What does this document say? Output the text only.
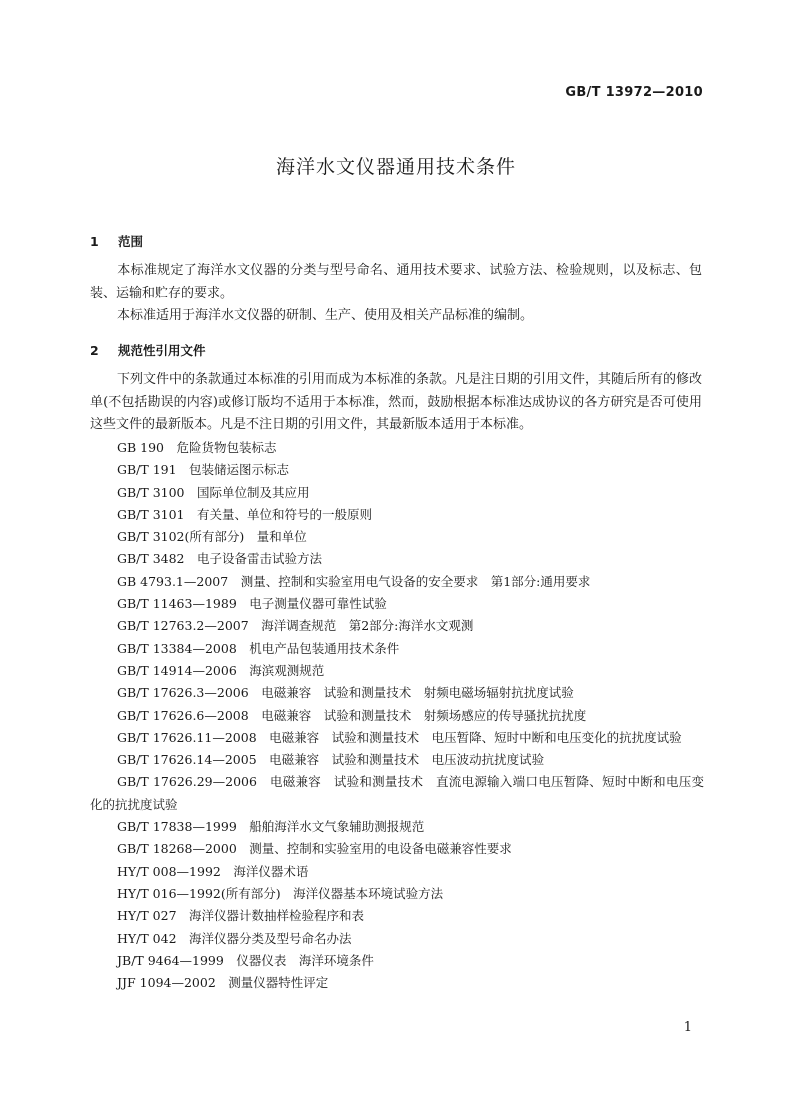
GB/T 13972—2010
海洋水文仪器通用技术条件
1 范围
本标准规定了海洋水文仪器的分类与型号命名、通用技术要求、试验方法、检验规则，以及标志、包装、运输和贮存的要求。
本标准适用于海洋水文仪器的研制、生产、使用及相关产品标准的编制。
2 规范性引用文件
下列文件中的条款通过本标准的引用而成为本标准的条款。凡是注日期的引用文件，其随后所有的修改单(不包括勘误的内容)或修订版均不适用于本标准，然而，鼓励根据本标准达成协议的各方研究是否可使用这些文件的最新版本。凡是不注日期的引用文件，其最新版本适用于本标准。
GB 190　危险货物包装标志
GB/T 191　包装储运图示标志
GB/T 3100　国际单位制及其应用
GB/T 3101　有关量、单位和符号的一般原则
GB/T 3102(所有部分)　量和单位
GB/T 3482　电子设备雷击试验方法
GB 4793.1—2007　测量、控制和实验室用电气设备的安全要求　第1部分:通用要求
GB/T 11463—1989　电子测量仪器可靠性试验
GB/T 12763.2—2007　海洋调查规范　第2部分:海洋水文观测
GB/T 13384—2008　机电产品包装通用技术条件
GB/T 14914—2006　海滨观测规范
GB/T 17626.3—2006　电磁兼容　试验和测量技术　射频电磁场辐射抗扰度试验
GB/T 17626.6—2008　电磁兼容　试验和测量技术　射频场感应的传导骚扰抗扰度
GB/T 17626.11—2008　电磁兼容　试验和测量技术　电压暂降、短时中断和电压变化的抗扰度试验
GB/T 17626.14—2005　电磁兼容　试验和测量技术　电压波动抗扰度试验
GB/T 17626.29—2006　电磁兼容　试验和测量技术　直流电源输入端口电压暂降、短时中断和电压变化的抗扰度试验
GB/T 17838—1999　船舶海洋水文气象辅助测报规范
GB/T 18268—2000　测量、控制和实验室用的电设备电磁兼容性要求
HY/T 008—1992　海洋仪器术语
HY/T 016—1992(所有部分)　海洋仪器基本环境试验方法
HY/T 027　海洋仪器计数抽样检验程序和表
HY/T 042　海洋仪器分类及型号命名办法
JB/T 9464—1999　仪器仪表　海洋环境条件
JJF 1094—2002　测量仪器特性评定
1
